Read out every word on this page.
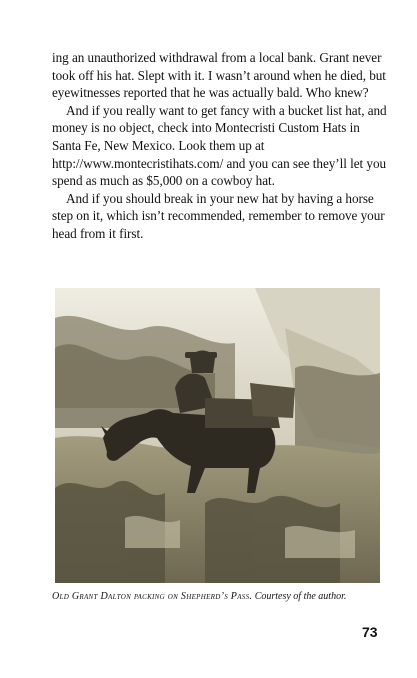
ing an unauthorized withdrawal from a local bank. Grant never took off his hat. Slept with it. I wasn’t around when he died, but eyewitnesses reported that he was actually bald. Who knew?

And if you really want to get fancy with a bucket list hat, and money is no object, check into Montecristi Custom Hats in Santa Fe, New Mexico. Look them up at http://www.montecristihats.com/ and you can see they’ll let you spend as much as $5,000 on a cowboy hat.

And if you should break in your new hat by having a horse step on it, which isn’t recommended, remember to remove your head from it first.

Old Grant Dalton packing on Shepherd’s Pass. Courtesy of the author.
73
